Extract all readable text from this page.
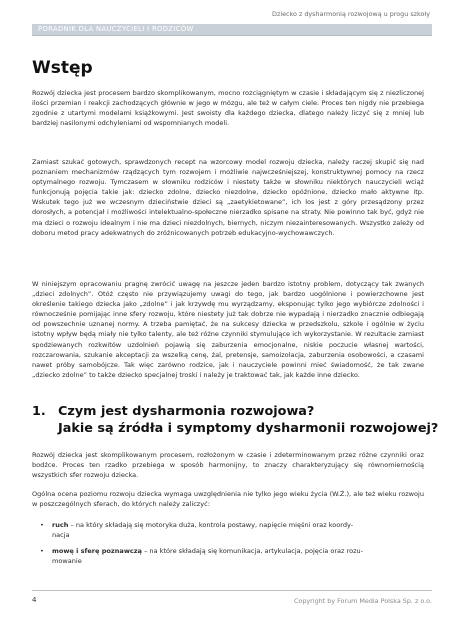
Dziecko z dysharmonią rozwojową u progu szkoły
PORADNIK DLA NAUCZYCIELI I RODZICÓW
Wstęp

Rozwój dziecka jest procesem bardzo skomplikowanym, mocno rozciągniętym w czasie i składającym się z niezliczonej ilości przemian i reakcji zachodzących głównie w jego w mózgu, ale też w całym ciele. Proces ten nigdy nie przebiega zgodnie z utartymi modelami książkowymi. Jest swoisty dla każdego dziecka, dlatego należy liczyć się z mniej lub bardziej nasilonymi odchyleniami od wspomnianych modeli.

Zamiast szukać gotowych, sprawdzonych recept na wzorcowy model rozwoju dziecka, należy raczej skupić się nad poznaniem mechanizmów rządzących tym rozwojem i możliwie najwcześniejszej, konstruktywnej pomocy na rzecz optymalnego rozwoju. Tymczasem w słowniku rodziców i niestety także w słowniku niektórych nauczycieli wciąż funkcjonują pojęcia takie jak: dziecko zdolne, dziecko niezdolne, dziecko opóźnione, dziecko mało aktywne itp. Wskutek tego już we wczesnym dzieciństwie dzieci są „zaetykietowane”, ich los jest z góry przesądzony przez dorosłych, a potencjał i możliwości intelektualno-społeczne nierzadko spisane na straty. Nie powinno tak być, gdyż nie ma dzieci o rozwoju idealnym i nie ma dzieci niezdolnych, biernych, niczym niezainteresowanych. Wszystko zależy od doboru metod pracy adekwatnych do zróżnicowanych potrzeb edukacyjno-wychowawczych.

W niniejszym opracowaniu pragnę zwrócić uwagę na jeszcze jeden bardzo istotny problem, dotyczący tak zwanych „dzieci zdolnych”. Otóż często nie przywiązujemy uwagi do tego, jak bardzo uogólnione i powierzchowne jest określenie takiego dziecka jako „zdolne” i jak krzywdę mu wyrządzamy, eksponując tylko jego wybiórcze zdolności i równocześnie pomijając inne sfery rozwoju, które niestety już tak dobrze nie wypadają i nierzadko znacznie odbiegają od powszechnie uznanej normy. A trzeba pamiętać, że na sukcesy dziecka w przedszkolu, szkole i ogólnie w życiu istotny wpływ będą miały nie tylko talenty, ale też różne czynniki stymulujące ich wykorzystanie. W rezultacie zamiast spodziewanych rozkwitów uzdolnień pojawią się zaburzenia emocjonalne, niskie poczucie własnej wartości, rozczarowania, szukanie akceptacji za wszelką cenę, żal, pretensje, samoizolacja, zaburzenia osobowości, a czasami nawet próby samobójcze. Tak więc zarówno rodzice, jak i nauczyciele powinni mieć świadomość, że tak zwane „dziecko zdolne” to także dziecko specjalnej troski i należy je traktować tak, jak każde inne dziecko.

1. Czym jest dysharmonia rozwojowa?
Jakie są źródła i symptomy dysharmonii rozwojowej?

Rozwój dziecka jest skomplikowanym procesem, rozłożonym w czasie i zdeterminowanym przez różne czynniki oraz bodźce. Proces ten rzadko przebiega w sposób harmonijny, to znaczy charakteryzujący się równomiernością wszystkich sfer rozwoju dziecka.

Ogólna ocena poziomu rozwoju dziecka wymaga uwzględnienia nie tylko jego wieku życia (W.Ż.), ale też wieku rozwoju w poszczególnych sferach, do których należy zaliczyć:

• ruch – na który składają się motoryka duża, kontrola postawy, napięcie mięśni oraz koordy-
nacja
• mowę i sferę poznawczą – na które składają się komunikacja, artykulacja, pojęcia oraz rozu-
mowanie
4	Copyright by Forum Media Polska Sp. z o.o.
